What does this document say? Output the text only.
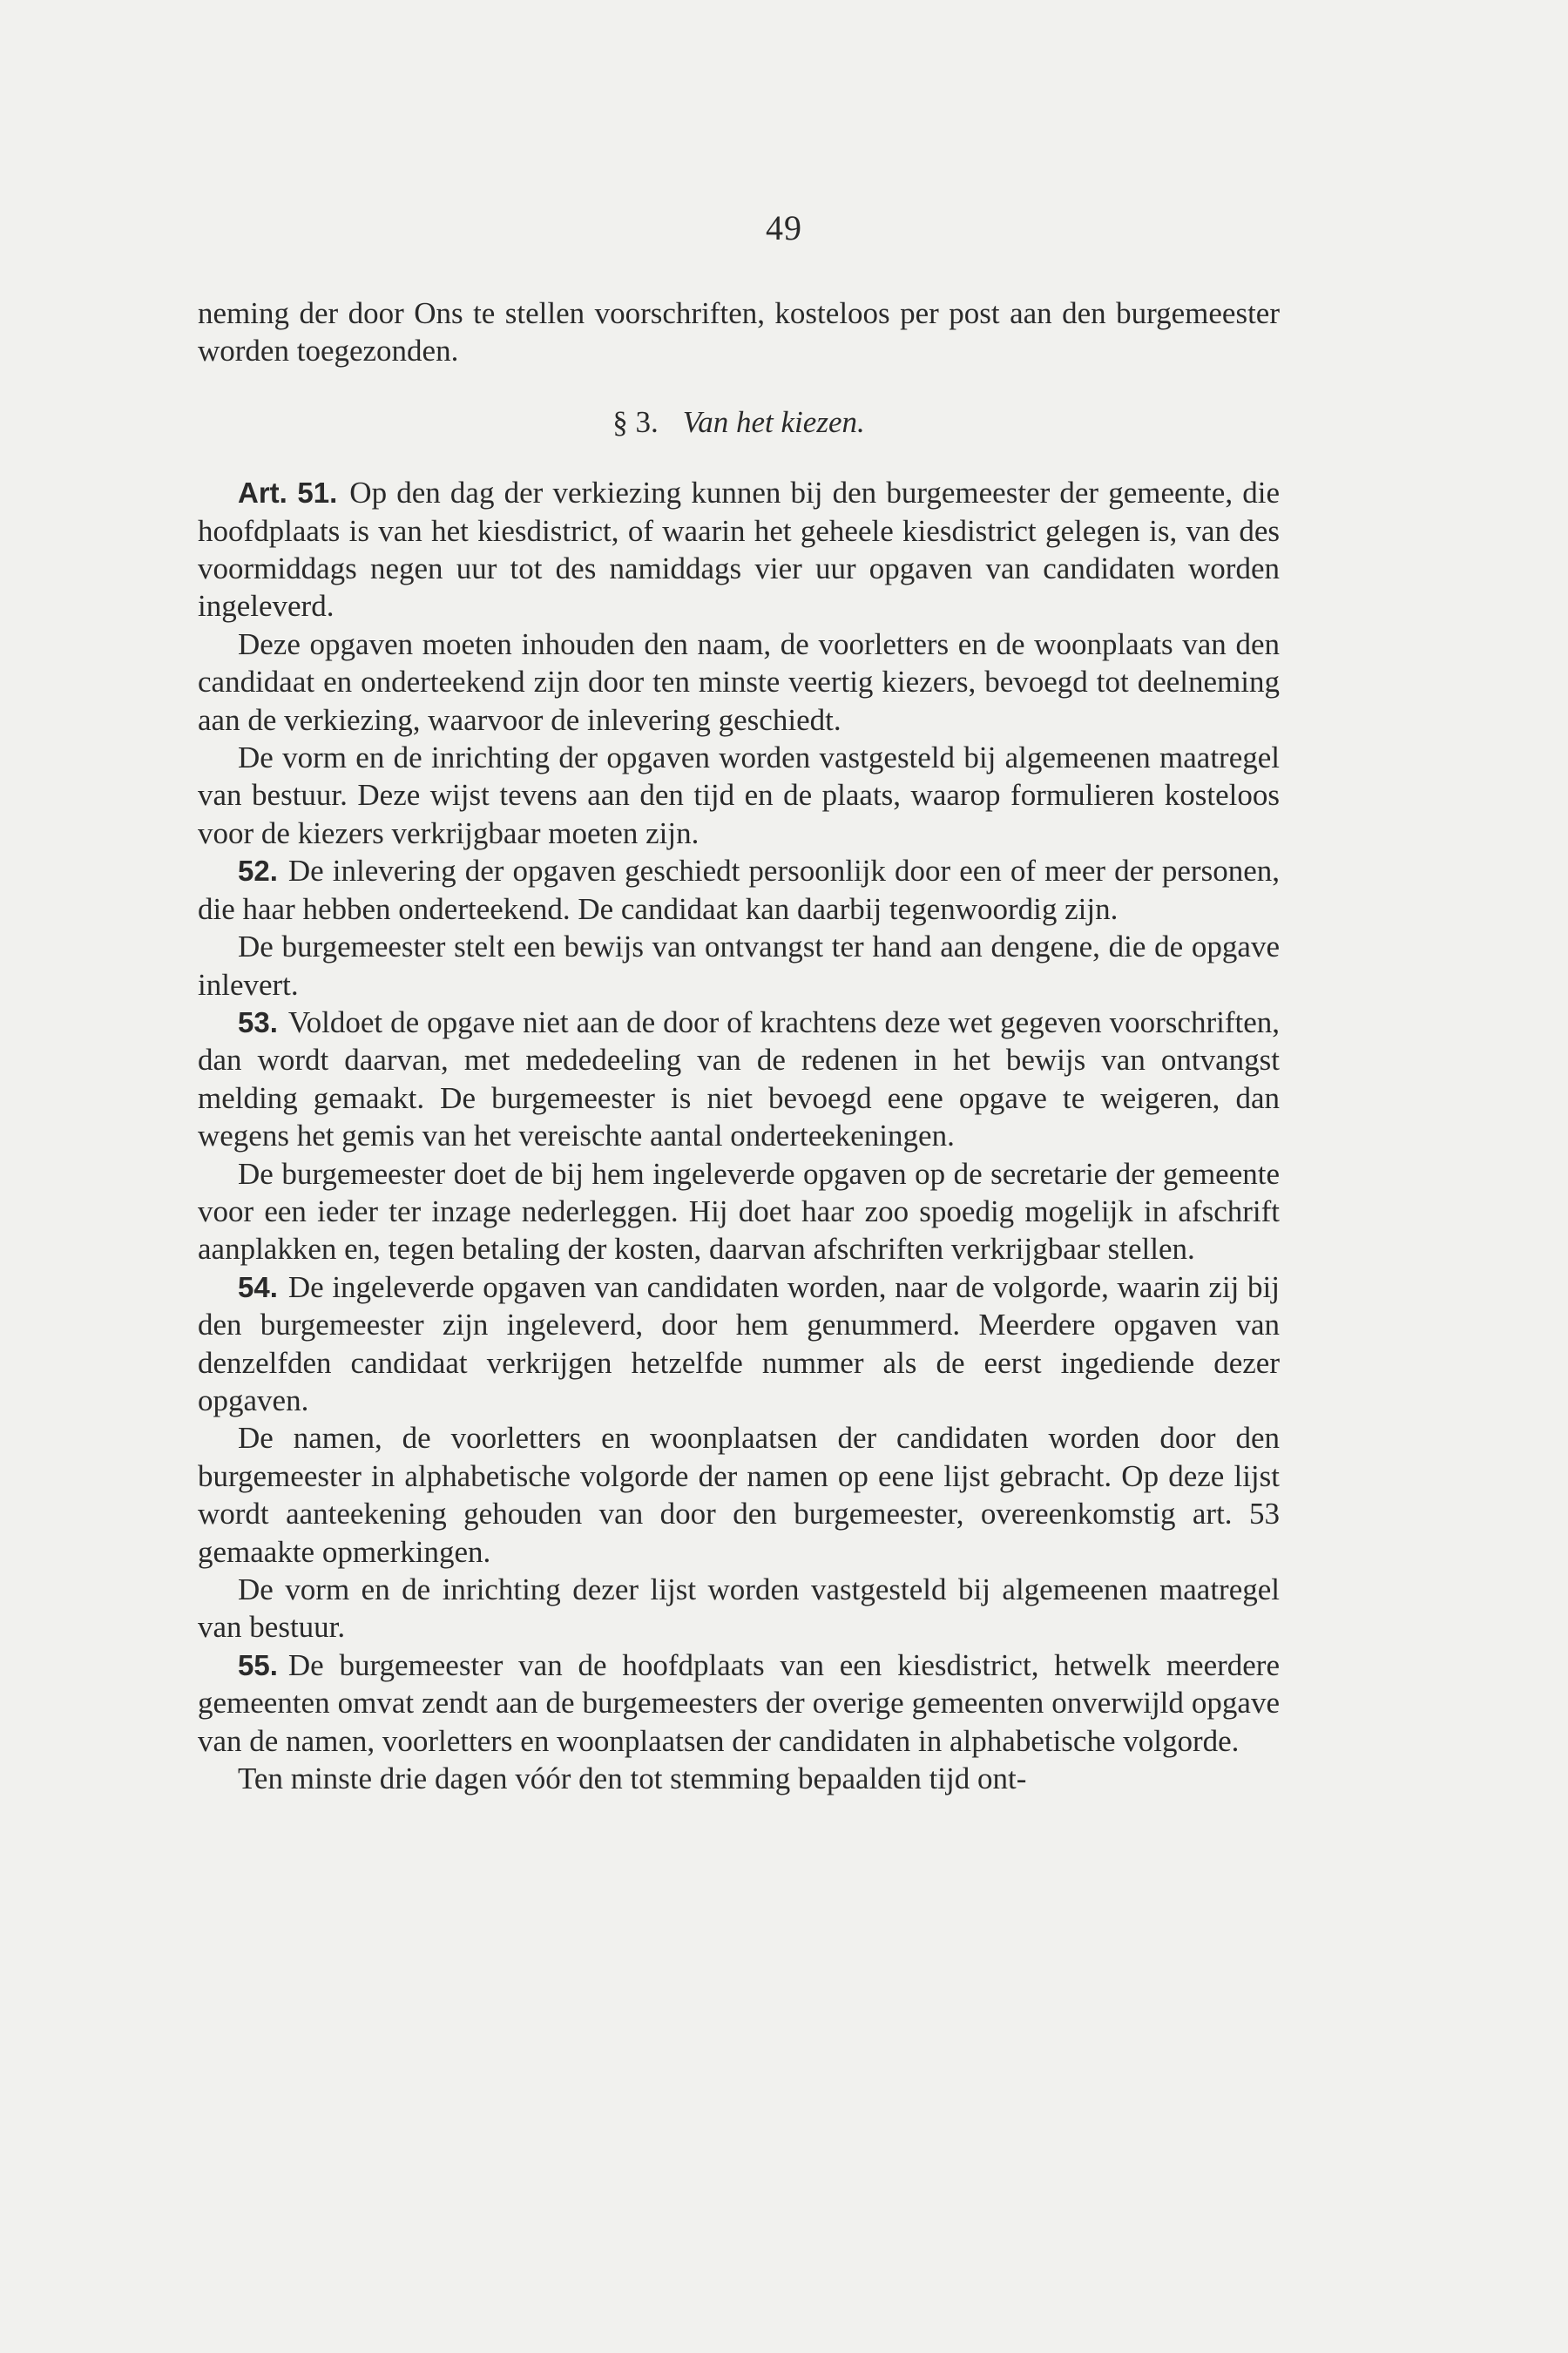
49

neming der door Ons te stellen voorschriften, kosteloos per post aan den burgemeester worden toegezonden.

§ 3. Van het kiezen.

Art. 51. Op den dag der verkiezing kunnen bij den burgemeester der gemeente, die hoofdplaats is van het kiesdistrict, of waarin het geheele kiesdistrict gelegen is, van des voormiddags negen uur tot des namiddags vier uur opgaven van candidaten worden ingeleverd.

Deze opgaven moeten inhouden den naam, de voorletters en de woonplaats van den candidaat en onderteekend zijn door ten minste veertig kiezers, bevoegd tot deelneming aan de verkiezing, waarvoor de inlevering geschiedt.

De vorm en de inrichting der opgaven worden vastgesteld bij algemeenen maatregel van bestuur. Deze wijst tevens aan den tijd en de plaats, waarop formulieren kosteloos voor de kiezers verkrijgbaar moeten zijn.

52. De inlevering der opgaven geschiedt persoonlijk door een of meer der personen, die haar hebben onderteekend. De candidaat kan daarbij tegenwoordig zijn.

De burgemeester stelt een bewijs van ontvangst ter hand aan dengene, die de opgave inlevert.

53. Voldoet de opgave niet aan de door of krachtens deze wet gegeven voorschriften, dan wordt daarvan, met mededeeling van de redenen in het bewijs van ontvangst melding gemaakt. De burgemeester is niet bevoegd eene opgave te weigeren, dan wegens het gemis van het vereischte aantal onderteekeningen.

De burgemeester doet de bij hem ingeleverde opgaven op de secretarie der gemeente voor een ieder ter inzage nederleggen. Hij doet haar zoo spoedig mogelijk in afschrift aanplakken en, tegen betaling der kosten, daarvan afschriften verkrijgbaar stellen.

54. De ingeleverde opgaven van candidaten worden, naar de volgorde, waarin zij bij den burgemeester zijn ingeleverd, door hem genummerd. Meerdere opgaven van denzelfden candidaat verkrijgen hetzelfde nummer als de eerst ingediende dezer opgaven.

De namen, de voorletters en woonplaatsen der candidaten worden door den burgemeester in alphabetische volgorde der namen op eene lijst gebracht. Op deze lijst wordt aanteekening gehouden van door den burgemeester, overeenkomstig art. 53 gemaakte opmerkingen.

De vorm en de inrichting dezer lijst worden vastgesteld bij algemeenen maatregel van bestuur.

55. De burgemeester van de hoofdplaats van een kiesdistrict, hetwelk meerdere gemeenten omvat zendt aan de burgemeesters der overige gemeenten onverwijld opgave van de namen, voorletters en woonplaatsen der candidaten in alphabetische volgorde.

Ten minste drie dagen vóór den tot stemming bepaalden tijd ont-
